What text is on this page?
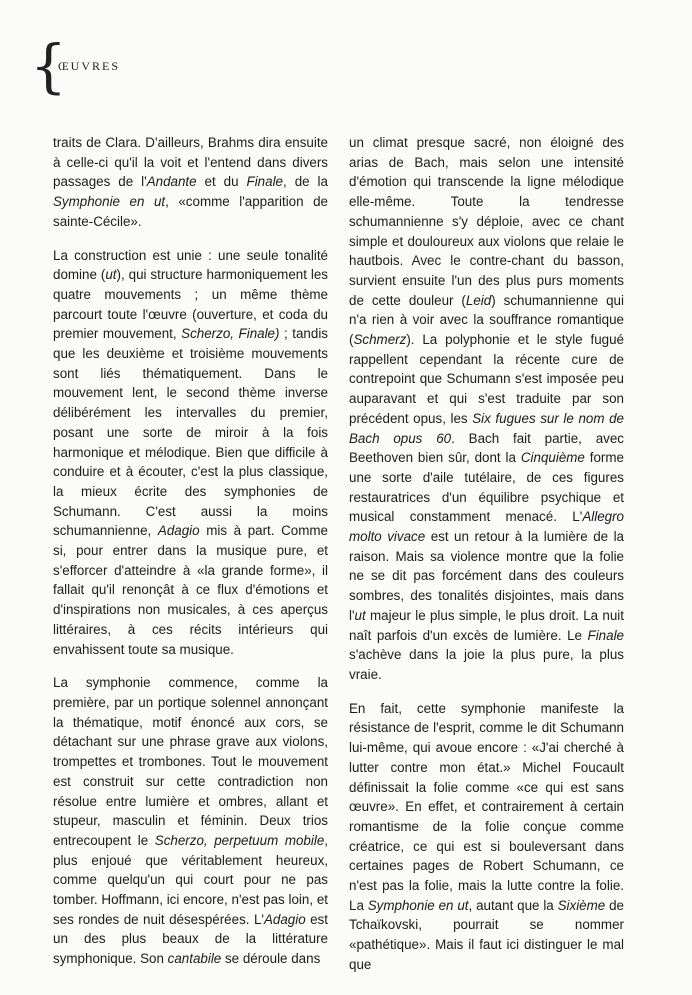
{
ŒUVRES

traits de Clara. D'ailleurs, Brahms dira ensuite à celle-ci qu'il la voit et l'entend dans divers passages de l'Andante et du Finale, de la Symphonie en ut, «comme l'apparition de sainte-Cécile».

La construction est unie : une seule tonalité domine (ut), qui structure harmoniquement les quatre mouvements ; un même thème parcourt toute l'œuvre (ouverture, et coda du premier mouvement, Scherzo, Finale) ; tandis que les deuxième et troisième mouvements sont liés thématiquement. Dans le mouvement lent, le second thème inverse délibérément les intervalles du premier, posant une sorte de miroir à la fois harmonique et mélodique. Bien que difficile à conduire et à écouter, c'est la plus classique, la mieux écrite des symphonies de Schumann. C'est aussi la moins schumannienne, Adagio mis à part. Comme si, pour entrer dans la musique pure, et s'efforcer d'atteindre à «la grande forme», il fallait qu'il renonçât à ce flux d'émotions et d'inspirations non musicales, à ces aperçus littéraires, à ces récits intérieurs qui envahissent toute sa musique.

La symphonie commence, comme la première, par un portique solennel annonçant la thématique, motif énoncé aux cors, se détachant sur une phrase grave aux violons, trompettes et trombones. Tout le mouvement est construit sur cette contradiction non résolue entre lumière et ombres, allant et stupeur, masculin et féminin. Deux trios entrecoupent le Scherzo, perpetuum mobile, plus enjoué que véritablement heureux, comme quelqu'un qui court pour ne pas tomber. Hoffmann, ici encore, n'est pas loin, et ses rondes de nuit désespérées. L'Adagio est un des plus beaux de la littérature symphonique. Son cantabile se déroule dans

un climat presque sacré, non éloigné des arias de Bach, mais selon une intensité d'émotion qui transcende la ligne mélodique elle-même. Toute la tendresse schumannienne s'y déploie, avec ce chant simple et douloureux aux violons que relaie le hautbois. Avec le contre-chant du basson, survient ensuite l'un des plus purs moments de cette douleur (Leid) schumannienne qui n'a rien à voir avec la souffrance romantique (Schmerz). La polyphonie et le style fugué rappellent cependant la récente cure de contrepoint que Schumann s'est imposée peu auparavant et qui s'est traduite par son précédent opus, les Six fugues sur le nom de Bach opus 60. Bach fait partie, avec Beethoven bien sûr, dont la Cinquième forme une sorte d'aile tutélaire, de ces figures restauratrices d'un équilibre psychique et musical constamment menacé. L'Allegro molto vivace est un retour à la lumière de la raison. Mais sa violence montre que la folie ne se dit pas forcément dans des couleurs sombres, des tonalités disjointes, mais dans l'ut majeur le plus simple, le plus droit. La nuit naît parfois d'un excès de lumière. Le Finale s'achève dans la joie la plus pure, la plus vraie.

En fait, cette symphonie manifeste la résistance de l'esprit, comme le dit Schumann lui-même, qui avoue encore : «J'ai cherché à lutter contre mon état.» Michel Foucault définissait la folie comme «ce qui est sans œuvre». En effet, et contrairement à certain romantisme de la folie conçue comme créatrice, ce qui est si bouleversant dans certaines pages de Robert Schumann, ce n'est pas la folie, mais la lutte contre la folie. La Symphonie en ut, autant que la Sixième de Tchaïkovski, pourrait se nommer «pathétique». Mais il faut ici distinguer le mal que
